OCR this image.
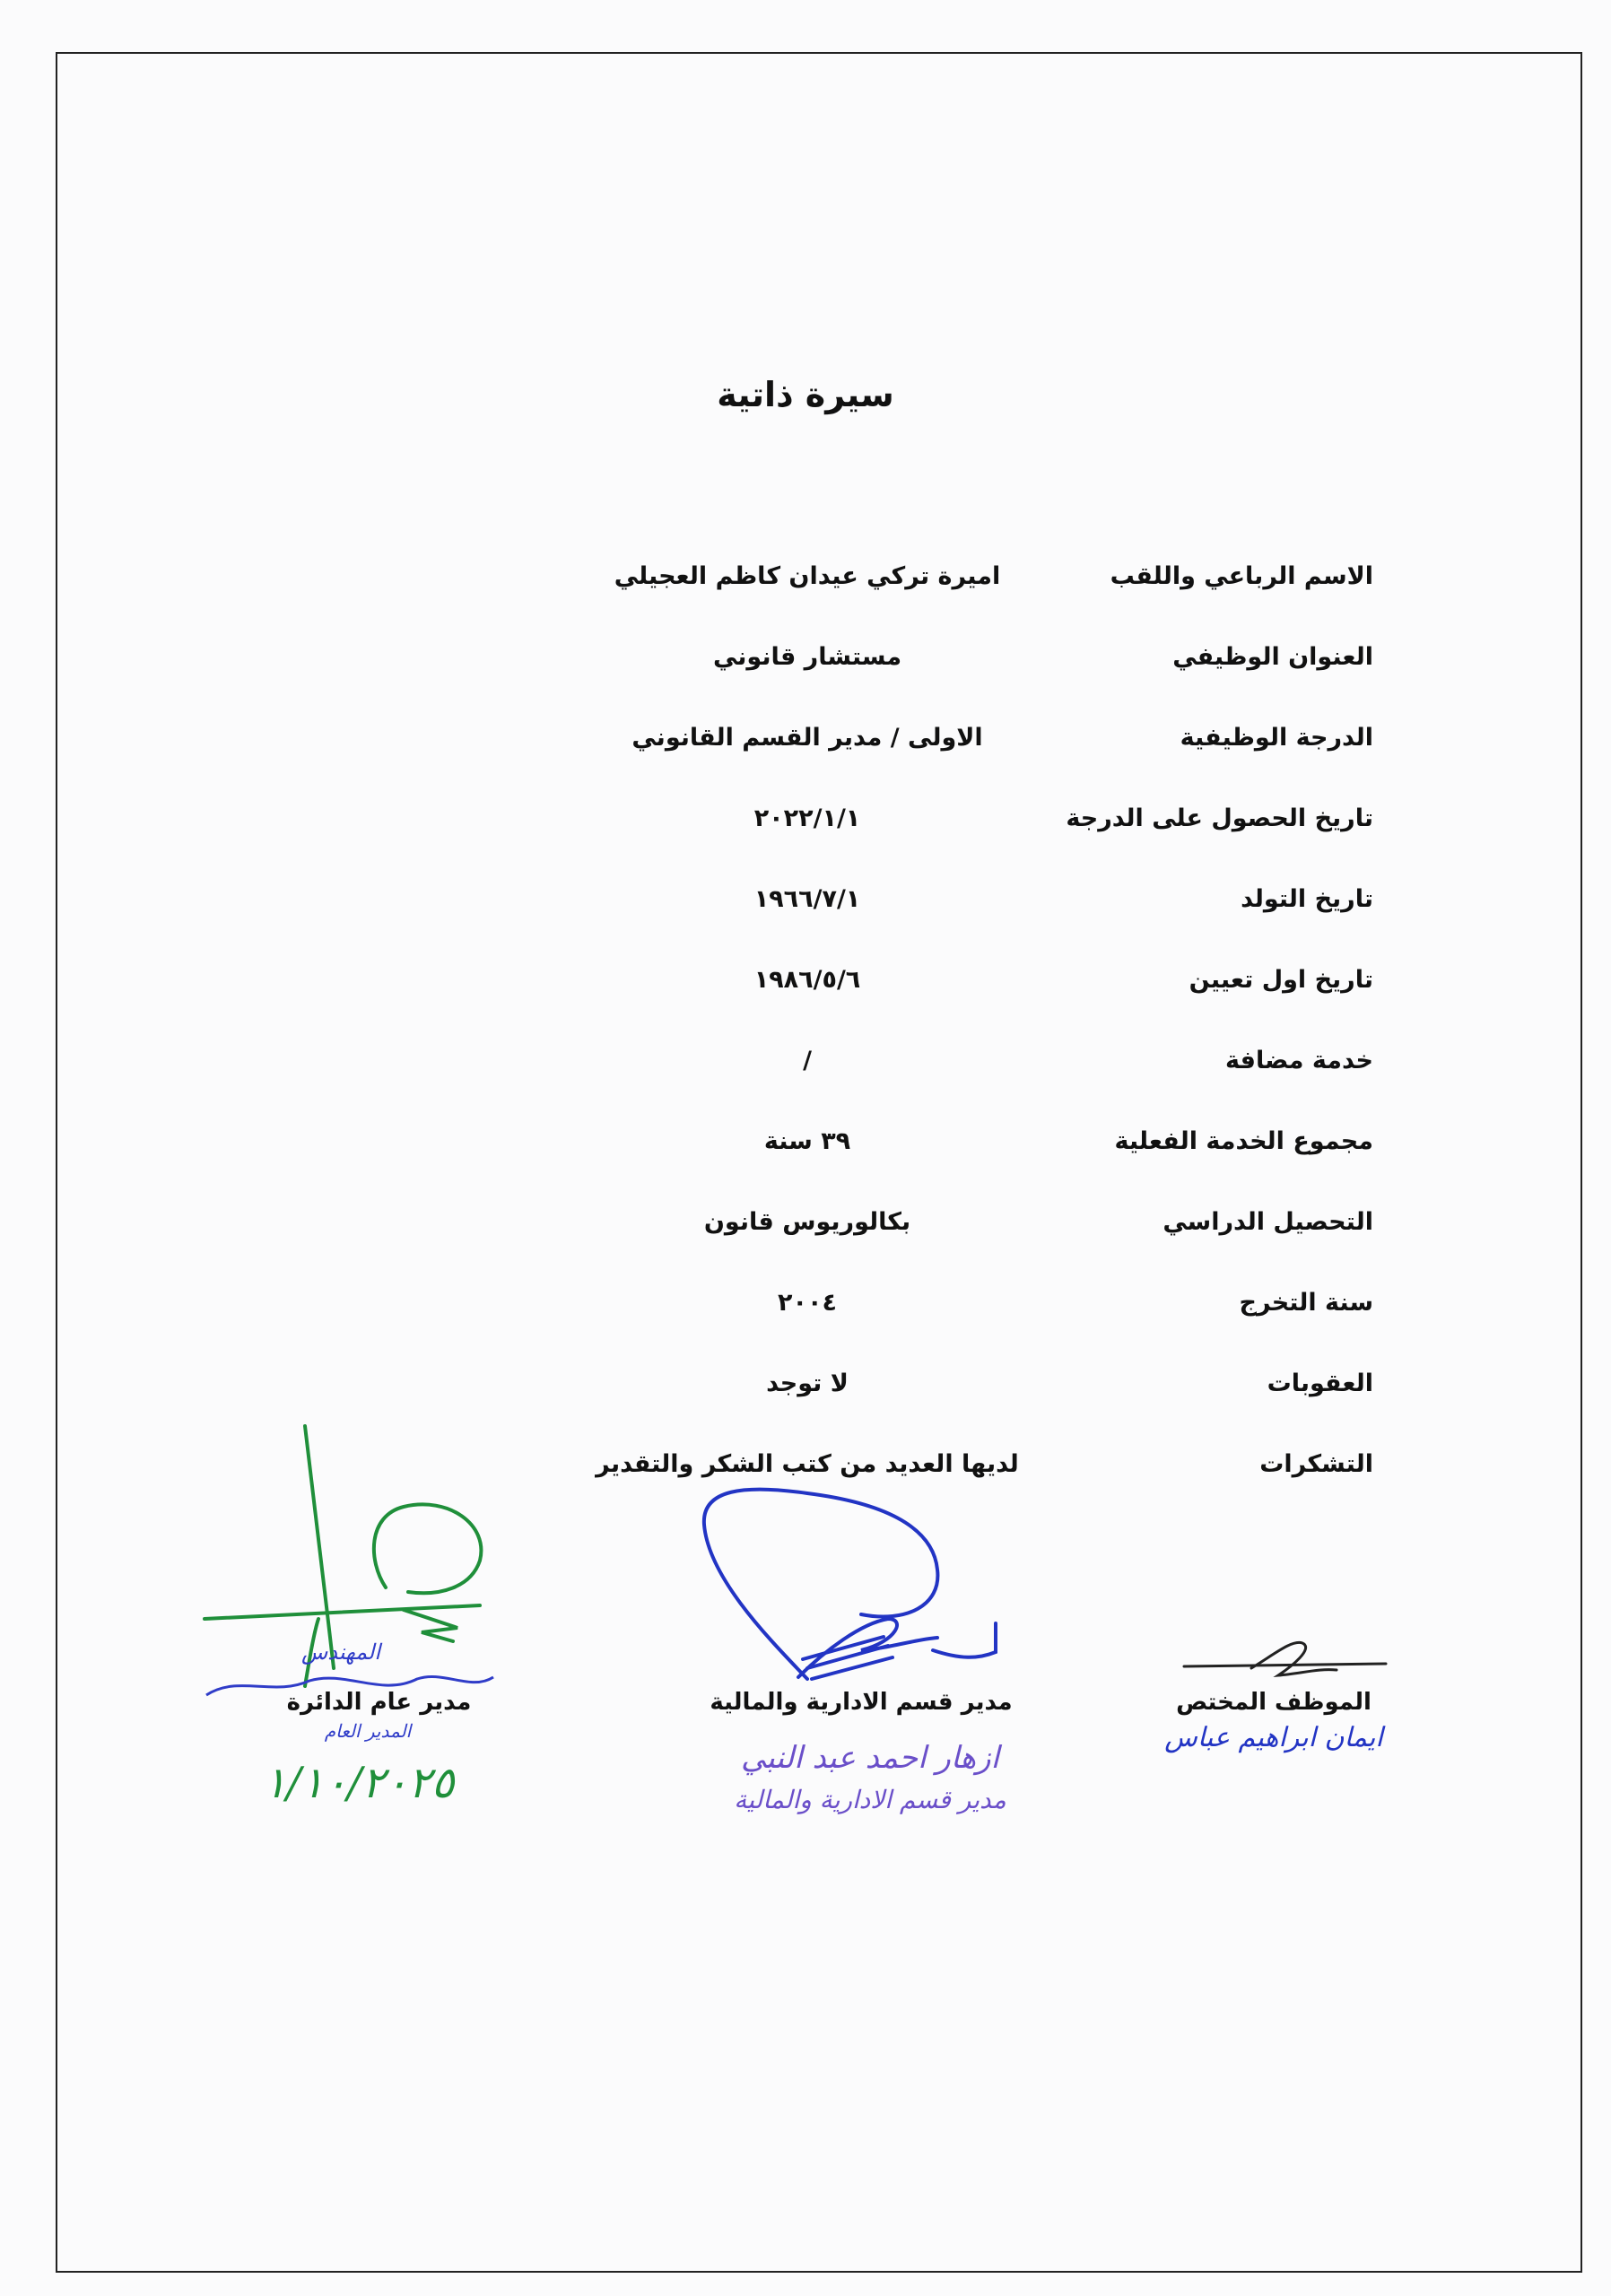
سيرة ذاتية
الاسم الرباعي واللقب
اميرة تركي عيدان كاظم العجيلي
العنوان الوظيفي
مستشار قانوني
الدرجة الوظيفية
الاولى / مدير القسم القانوني
تاريخ الحصول على الدرجة
٢٠٢٢/١/١
تاريخ التولد
١٩٦٦/٧/١
تاريخ اول تعيين
١٩٨٦/٥/٦
خدمة مضافة
/
مجموع الخدمة الفعلية
٣٩ سنة
التحصيل الدراسي
بكالوريوس قانون
سنة التخرج
٢٠٠٤
العقوبات
لا توجد
التشكرات
لديها العديد من كتب الشكر والتقدير
الموظف المختص
ايمان ابراهيم عباس
مدير قسم الادارية والمالية
ازهار احمد عبد النبي
مدير قسم الادارية والمالية
المهندس
مدير عام الدائرة
المدير العام
١/١٠/٢٠٢٥
